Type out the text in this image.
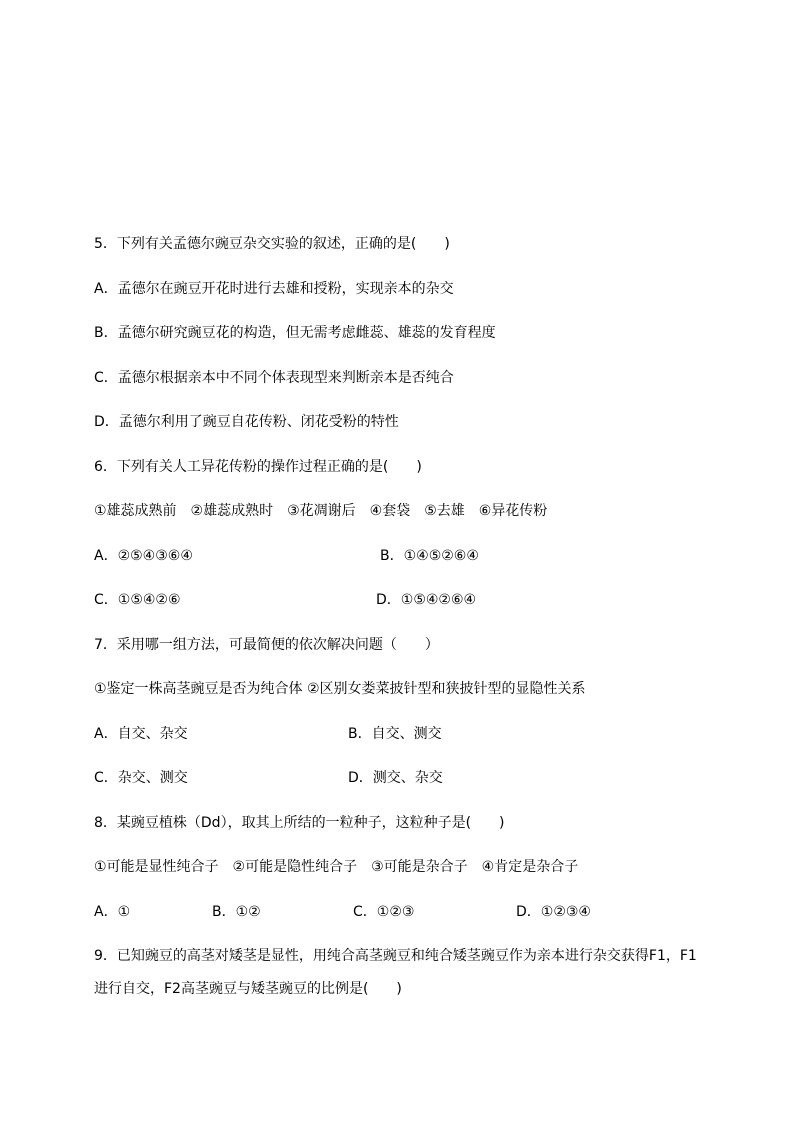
5．下列有关孟德尔豌豆杂交实验的叙述，正确的是(　　)
A．孟德尔在豌豆开花时进行去雄和授粉，实现亲本的杂交
B．孟德尔研究豌豆花的构造，但无需考虑雌蕊、雄蕊的发育程度
C．孟德尔根据亲本中不同个体表现型来判断亲本是否纯合
D．孟德尔利用了豌豆自花传粉、闭花受粉的特性
6．下列有关人工异花传粉的操作过程正确的是(　　)
①雄蕊成熟前　②雄蕊成熟时　③花凋谢后　④套袋　⑤去雄　⑥异花传粉
A．②⑤④③⑥④	B．①④⑤②⑥④
C．①⑤④②⑥	D．①⑤④②⑥④
7．采用哪一组方法，可最简便的依次解决问题（　　）
①鉴定一株高茎豌豆是否为纯合体 ②区别女娄菜披针型和狭披针型的显隐性关系
A．自交、杂交	B．自交、测交
C．杂交、测交	D．测交、杂交
8．某豌豆植株（Dd），取其上所结的一粒种子，这粒种子是(　　)
①可能是显性纯合子　②可能是隐性纯合子　③可能是杂合子　④肯定是杂合子
A．①	B．①②	C．①②③	D．①②③④
9．已知豌豆的高茎对矮茎是显性，用纯合高茎豌豆和纯合矮茎豌豆作为亲本进行杂交获得F1，F1
进行自交，F2高茎豌豆与矮茎豌豆的比例是(　　)
